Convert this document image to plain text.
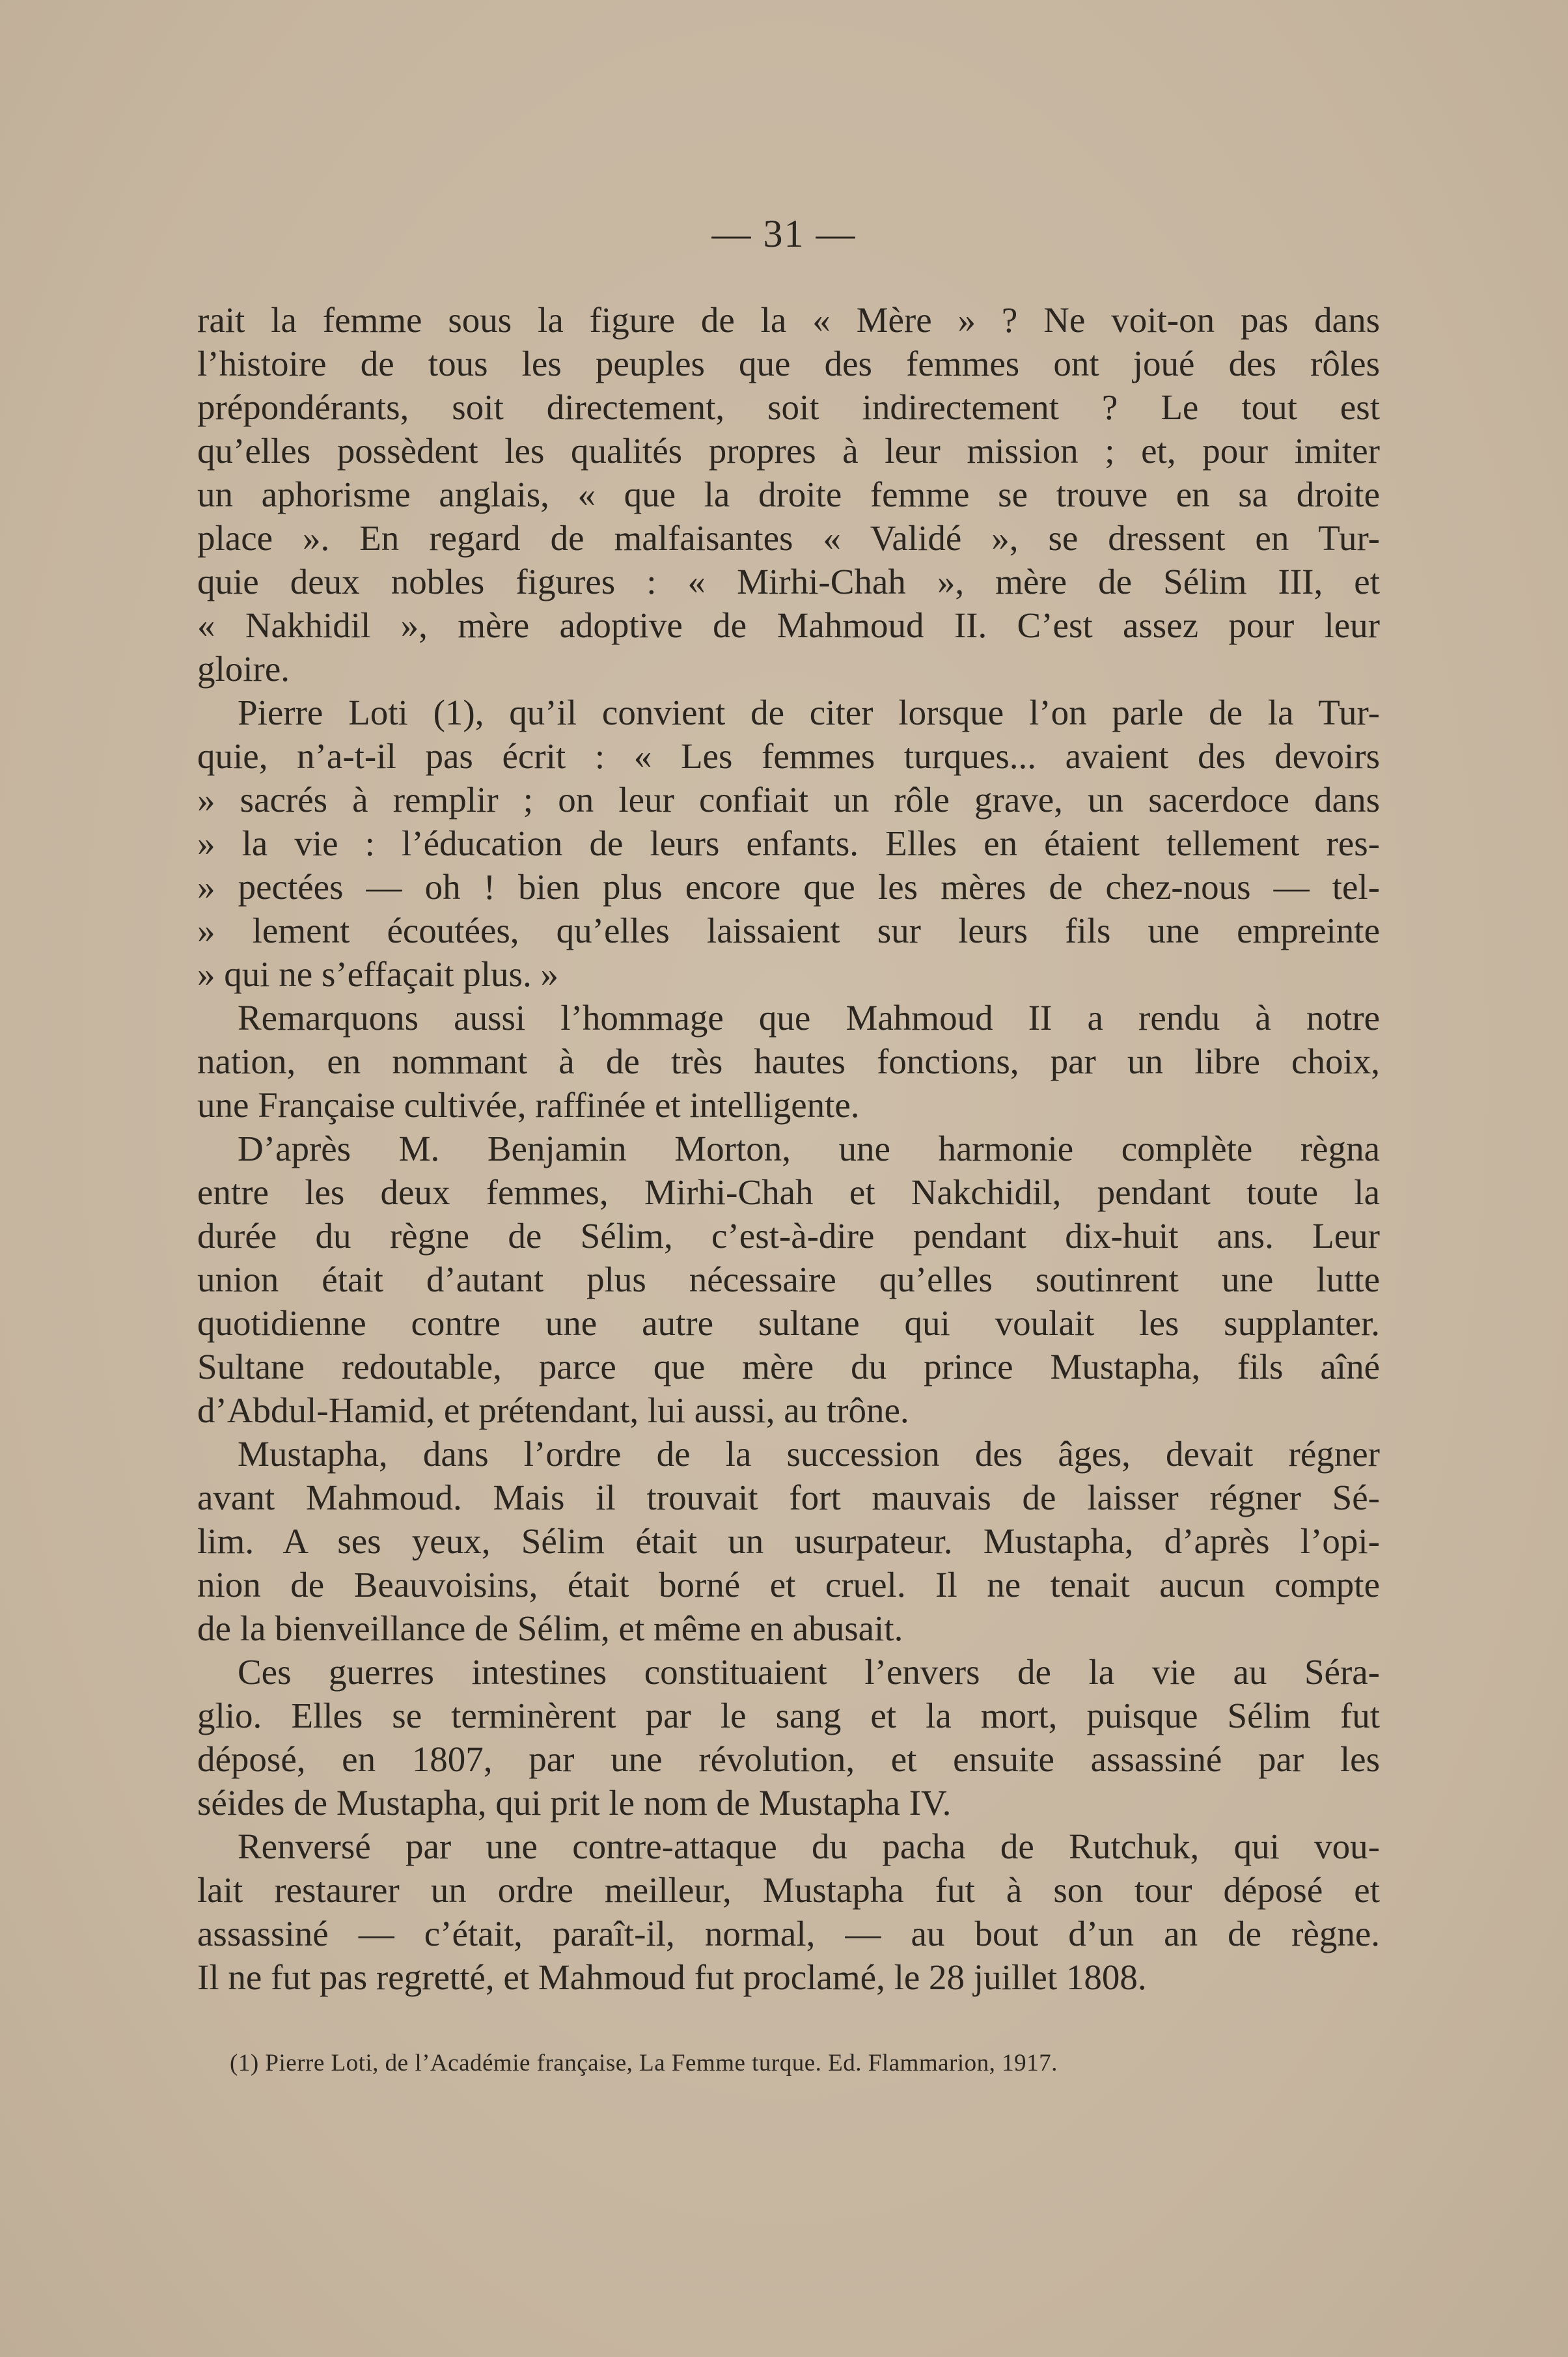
— 31 —
rait la femme sous la figure de la « Mère » ? Ne voit-on pas dans
l’histoire de tous les peuples que des femmes ont joué des rôles
prépondérants, soit directement, soit indirectement ? Le tout est
qu’elles possèdent les qualités propres à leur mission ; et, pour imiter
un aphorisme anglais, « que la droite femme se trouve en sa droite
place ». En regard de malfaisantes « Validé », se dressent en Tur-
quie deux nobles figures : « Mirhi-Chah », mère de Sélim III, et
« Nakhidil », mère adoptive de Mahmoud II. C’est assez pour leur
gloire.
Pierre Loti (1), qu’il convient de citer lorsque l’on parle de la Tur-
quie, n’a-t-il pas écrit : « Les femmes turques... avaient des devoirs
» sacrés à remplir ; on leur confiait un rôle grave, un sacerdoce dans
» la vie : l’éducation de leurs enfants. Elles en étaient tellement res-
» pectées — oh ! bien plus encore que les mères de chez-nous — tel-
» lement écoutées, qu’elles laissaient sur leurs fils une empreinte
» qui ne s’effaçait plus. »
Remarquons aussi l’hommage que Mahmoud II a rendu à notre
nation, en nommant à de très hautes fonctions, par un libre choix,
une Française cultivée, raffinée et intelligente.
D’après M. Benjamin Morton, une harmonie complète règna
entre les deux femmes, Mirhi-Chah et Nakchidil, pendant toute la
durée du règne de Sélim, c’est-à-dire pendant dix-huit ans. Leur
union était d’autant plus nécessaire qu’elles soutinrent une lutte
quotidienne contre une autre sultane qui voulait les supplanter.
Sultane redoutable, parce que mère du prince Mustapha, fils aîné
d’Abdul-Hamid, et prétendant, lui aussi, au trône.
Mustapha, dans l’ordre de la succession des âges, devait régner
avant Mahmoud. Mais il trouvait fort mauvais de laisser régner Sé-
lim. A ses yeux, Sélim était un usurpateur. Mustapha, d’après l’opi-
nion de Beauvoisins, était borné et cruel. Il ne tenait aucun compte
de la bienveillance de Sélim, et même en abusait.
Ces guerres intestines constituaient l’envers de la vie au Séra-
glio. Elles se terminèrent par le sang et la mort, puisque Sélim fut
déposé, en 1807, par une révolution, et ensuite assassiné par les
séides de Mustapha, qui prit le nom de Mustapha IV.
Renversé par une contre-attaque du pacha de Rutchuk, qui vou-
lait restaurer un ordre meilleur, Mustapha fut à son tour déposé et
assassiné — c’était, paraît-il, normal, — au bout d’un an de règne.
Il ne fut pas regretté, et Mahmoud fut proclamé, le 28 juillet 1808.
(1) Pierre Loti, de l’Académie française, La Femme turque. Ed. Flammarion, 1917.
